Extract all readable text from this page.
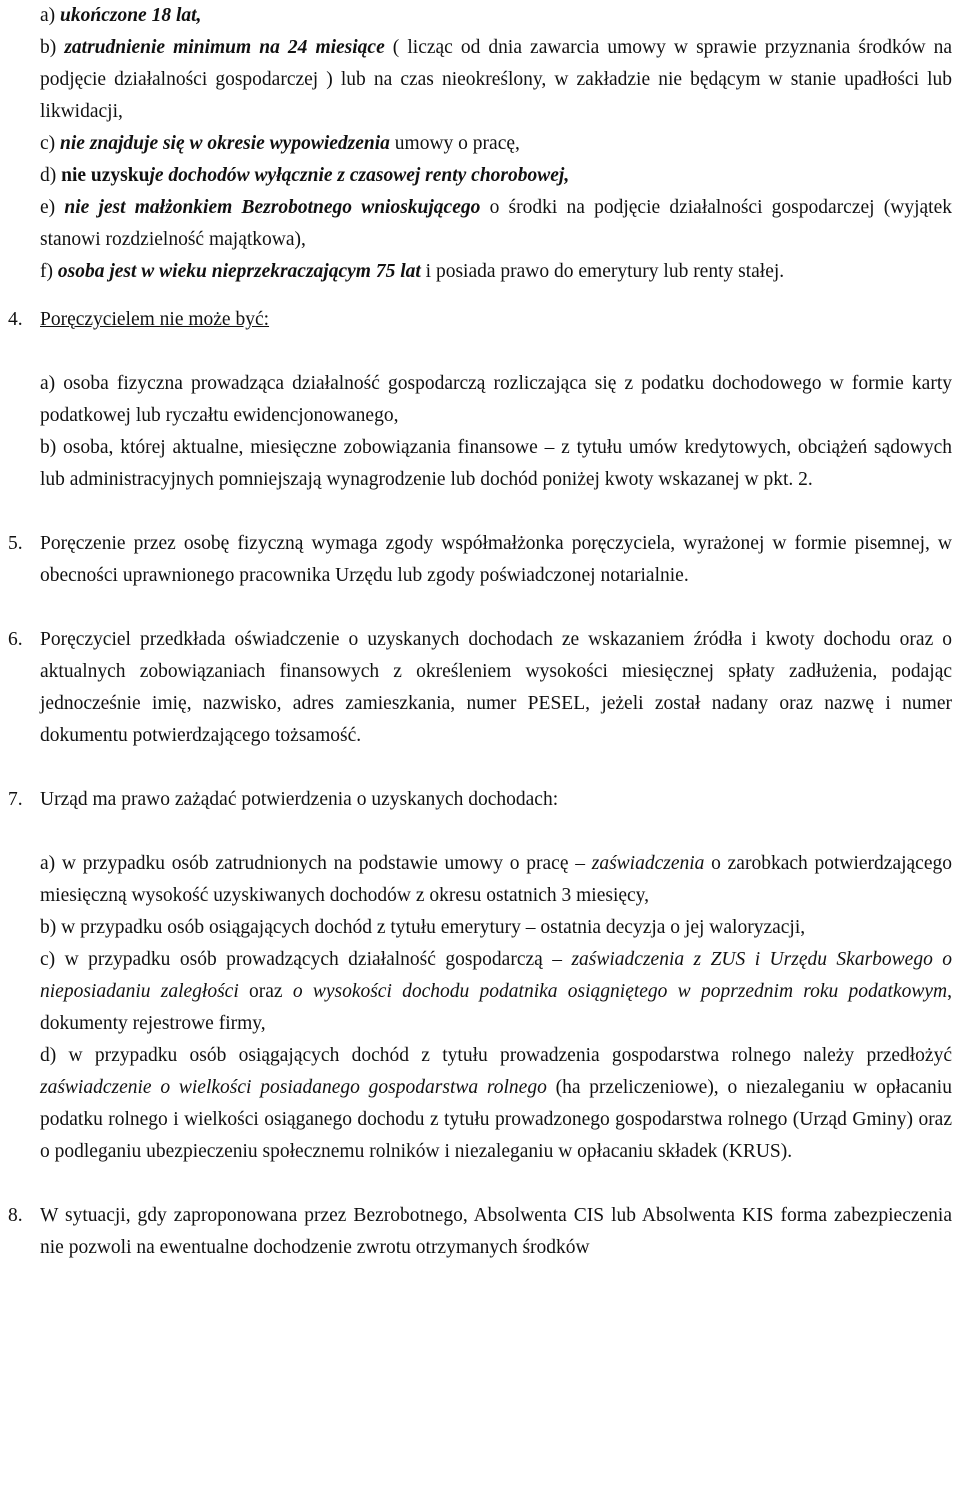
a) ukończone 18 lat,

b) zatrudnienie minimum na 24 miesiące ( licząc od dnia zawarcia umowy w sprawie przyznania środków na podjęcie działalności gospodarczej ) lub na czas nieokreślony, w zakładzie nie będącym w stanie upadłości lub likwidacji,

c) nie znajduje się w okresie wypowiedzenia umowy o pracę,

d) nie uzyskuje dochodów wyłącznie z czasowej renty chorobowej,

e) nie jest małżonkiem Bezrobotnego wnioskującego o środki na podjęcie działalności gospodarczej (wyjątek stanowi rozdzielność majątkowa),

f) osoba jest w wieku nieprzekraczającym 75 lat i posiada prawo do emerytury lub renty stałej.

4. Poręczycielem nie może być:

a) osoba fizyczna prowadząca działalność gospodarczą rozliczająca się z podatku dochodowego w formie karty podatkowej lub ryczałtu ewidencjonowanego,

b) osoba, której aktualne, miesięczne zobowiązania finansowe – z tytułu umów kredytowych, obciążeń sądowych lub administracyjnych pomniejszają wynagrodzenie lub dochód poniżej kwoty wskazanej w pkt. 2.

5. Poręczenie przez osobę fizyczną wymaga zgody współmałżonka poręczyciela, wyrażonej w formie pisemnej, w obecności uprawnionego pracownika Urzędu lub zgody poświadczonej notarialnie.

6. Poręczyciel przedkłada oświadczenie o uzyskanych dochodach ze wskazaniem źródła i kwoty dochodu oraz o aktualnych zobowiązaniach finansowych z określeniem wysokości miesięcznej spłaty zadłużenia, podając jednocześnie imię, nazwisko, adres zamieszkania, numer PESEL, jeżeli został nadany oraz nazwę i numer dokumentu potwierdzającego tożsamość.

7. Urząd ma prawo zażądać potwierdzenia o uzyskanych dochodach:

a) w przypadku osób zatrudnionych na podstawie umowy o pracę – zaświadczenia o zarobkach potwierdzającego miesięczną wysokość uzyskiwanych dochodów z okresu ostatnich 3 miesięcy,

b) w przypadku osób osiągających dochód z tytułu emerytury – ostatnia decyzja o jej waloryzacji,

c) w przypadku osób prowadzących działalność gospodarczą – zaświadczenia z ZUS i Urzędu Skarbowego o nieposiadaniu zaległości oraz o wysokości dochodu podatnika osiągniętego w poprzednim roku podatkowym, dokumenty rejestrowe firmy,

d) w przypadku osób osiągających dochód z tytułu prowadzenia gospodarstwa rolnego należy przedłożyć zaświadczenie o wielkości posiadanego gospodarstwa rolnego (ha przeliczeniowe), o niezaleganiu w opłacaniu podatku rolnego i wielkości osiąganego dochodu z tytułu prowadzonego gospodarstwa rolnego (Urząd Gminy) oraz o podleganiu ubezpieczeniu społecznemu rolników i niezaleganiu w opłacaniu składek (KRUS).

8. W sytuacji, gdy zaproponowana przez Bezrobotnego, Absolwenta CIS lub Absolwenta KIS forma zabezpieczenia nie pozwoli na ewentualne dochodzenie zwrotu otrzymanych środków
